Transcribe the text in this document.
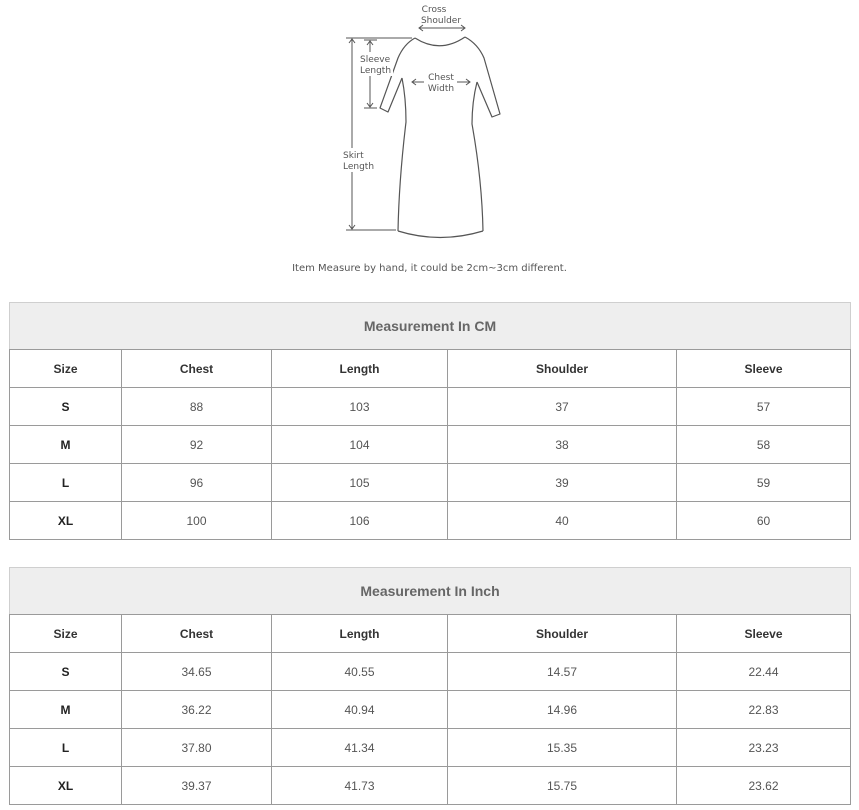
Cross
Shoulder
Sleeve
Length
Chest
Width
Skirt
Length
Item Measure by hand, it could be 2cm~3cm different.
Measurement In CM				
Size	Chest	Length	Shoulder	Sleeve
S	88	103	37	57
M	92	104	38	58
L	96	105	39	59
XL	100	106	40	60
Measurement In Inch				
Size	Chest	Length	Shoulder	Sleeve
S	34.65	40.55	14.57	22.44
M	36.22	40.94	14.96	22.83
L	37.80	41.34	15.35	23.23
XL	39.37	41.73	15.75	23.62
